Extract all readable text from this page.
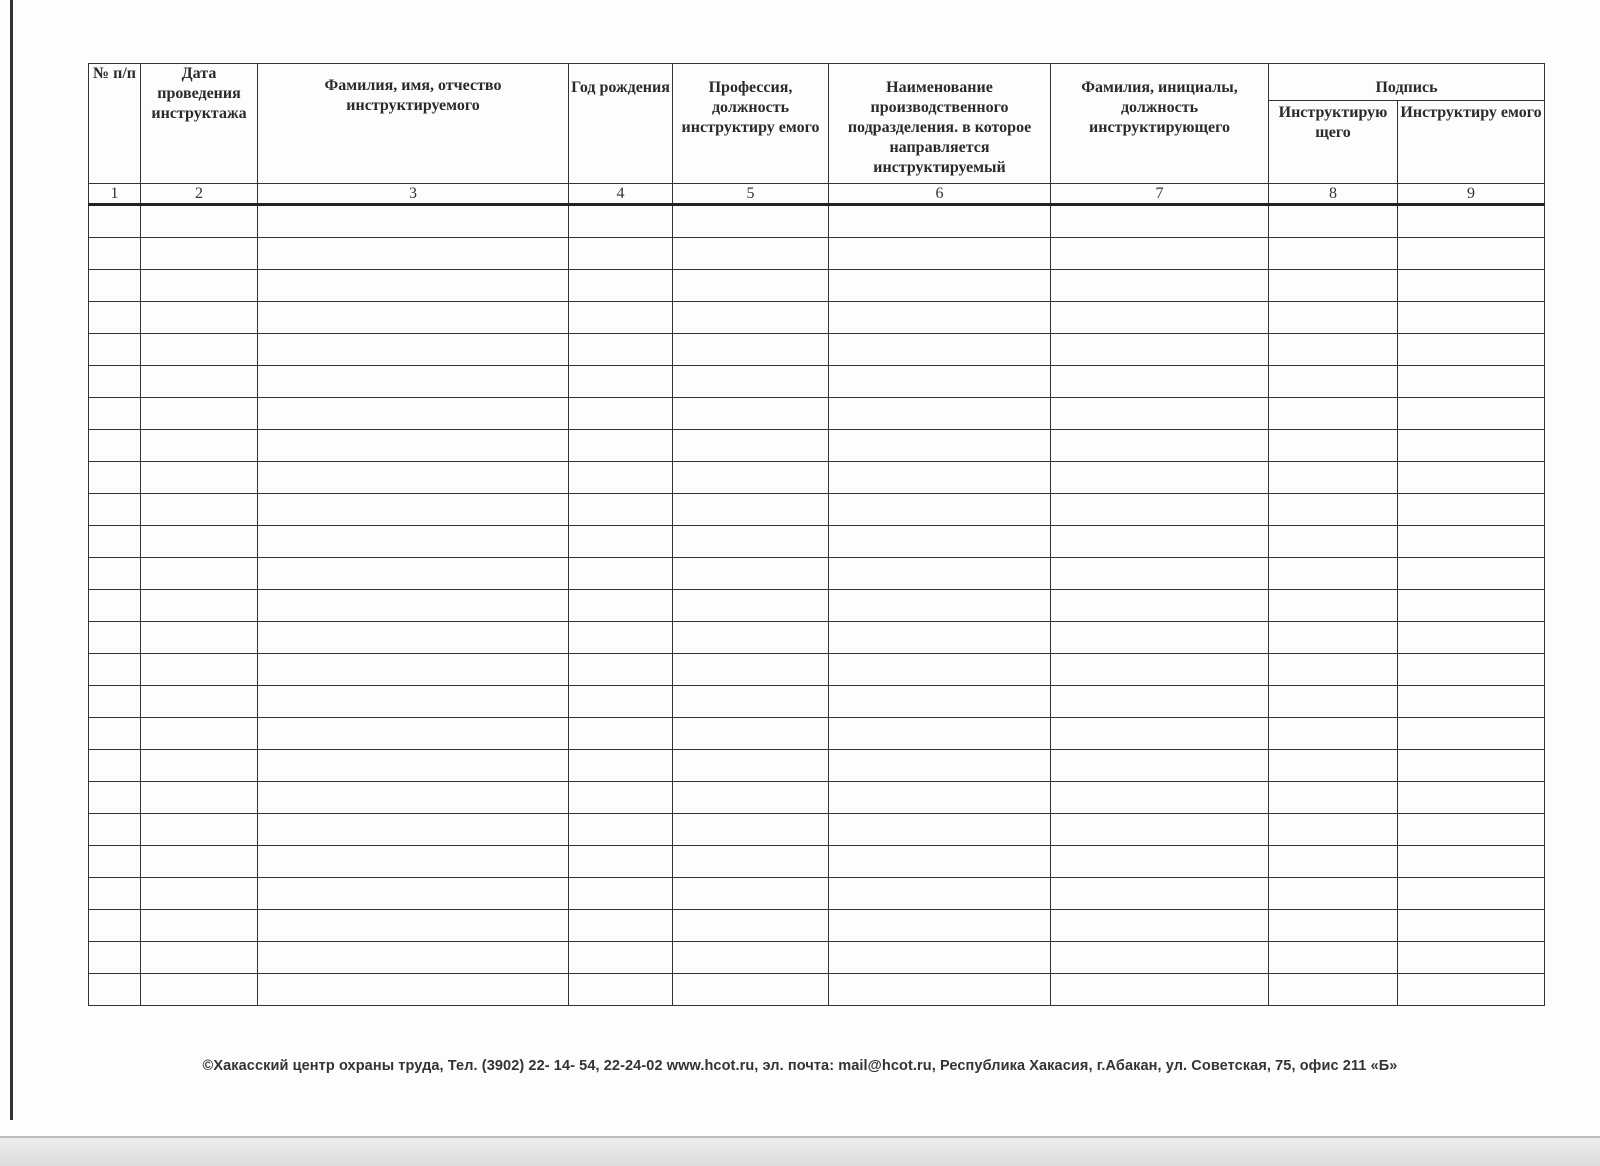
№ п/п	Дата проведения инструктажа	Фамилия, имя, отчество инструктируемого	Год рождения	Профессия, должность инструктиру емого	Наименование производственного подразделения. в которое направляется инструктируемый	Фамилия, инициалы, должность инструктирующего	Подпись	
							Инструктирую щего	Инструктиру емого
1	2	3	4	5	6	7	8	9

©Хакасский центр охраны труда, Тел. (3902) 22- 14- 54, 22-24-02 www.hcot.ru, эл. почта: mail@hcot.ru, Республика Хакасия, г.Абакан, ул. Советская, 75, офис 211 «Б»
